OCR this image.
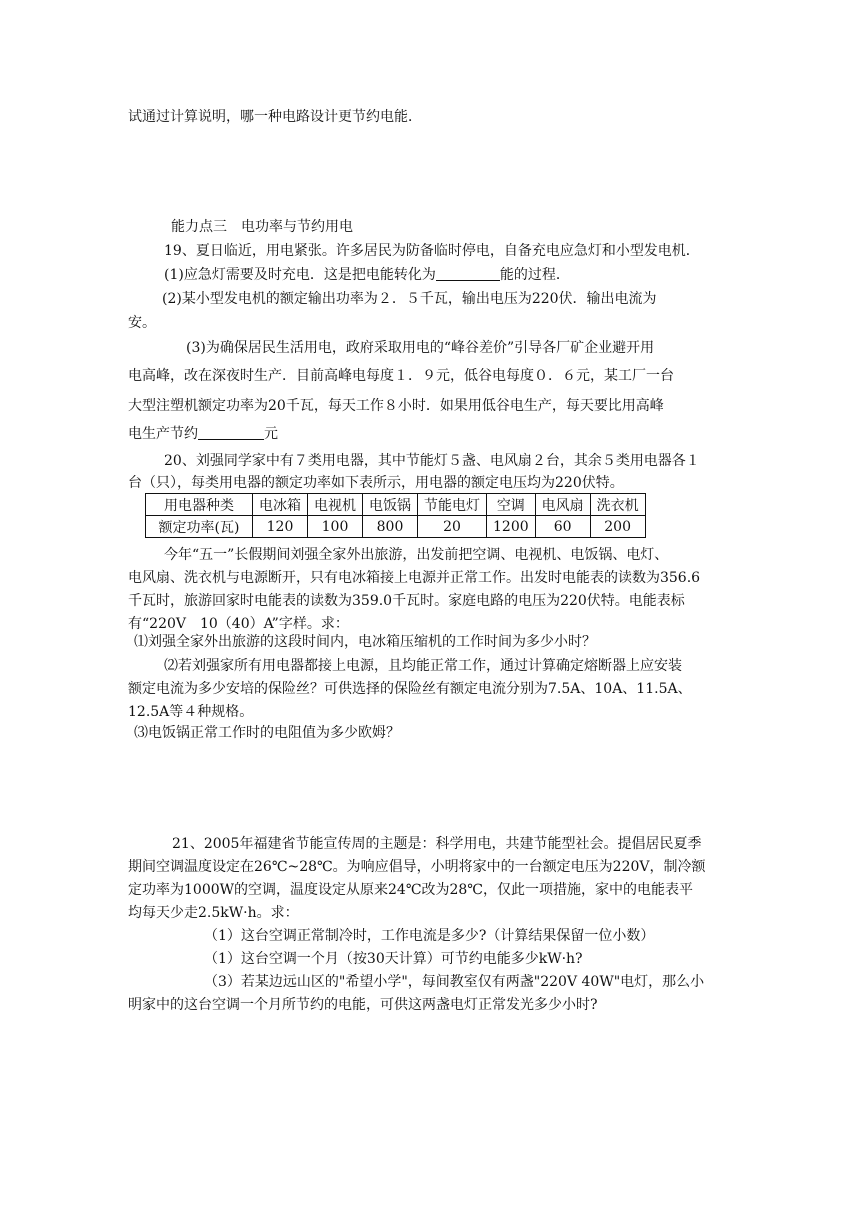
试通过计算说明，哪一种电路设计更节约电能．
能力点三　电功率与节约用电
19、夏日临近，用电紧张。许多居民为防备临时停电，自备充电应急灯和小型发电机．
(1)应急灯需要及时充电．这是把电能转化为	能的过程．
(2)某小型发电机的额定输出功率为２．５千瓦，输出电压为220伏．输出电流为
安。
(3)为确保居民生活用电，政府采取用电的“峰谷差价”引导各厂矿企业避开用
电高峰，改在深夜时生产．目前高峰电每度１．９元，低谷电每度０．６元，某工厂一台
大型注塑机额定功率为20千瓦，每天工作８小时．如果用低谷电生产，每天要比用高峰
电生产节约	元
20、刘强同学家中有７类用电器，其中节能灯５盏、电风扇２台，其余５类用电器各１
台（只），每类用电器的额定功率如下表所示，用电器的额定电压均为220伏特。
用电器种类	电冰箱	电视机	电饭锅	节能电灯	空调	电风扇	洗衣机
额定功率(瓦)	120	100	800	20	1200	60	200
今年“五一”长假期间刘强全家外出旅游，出发前把空调、电视机、电饭锅、电灯、
电风扇、洗衣机与电源断开，只有电冰箱接上电源并正常工作。出发时电能表的读数为356.6
千瓦时，旅游回家时电能表的读数为359.0千瓦时。家庭电路的电压为220伏特。电能表标
有“220V　10（40）A”字样。求：
⑴刘强全家外出旅游的这段时间内，电冰箱压缩机的工作时间为多少小时？
⑵若刘强家所有用电器都接上电源，且均能正常工作，通过计算确定熔断器上应安装
额定电流为多少安培的保险丝？可供选择的保险丝有额定电流分别为7.5A、10A、11.5A、
12.5A等４种规格。
⑶电饭锅正常工作时的电阻值为多少欧姆？
21、2005年福建省节能宣传周的主题是：科学用电，共建节能型社会。提倡居民夏季
期间空调温度设定在26℃~28℃。为响应倡导，小明将家中的一台额定电压为220V，制冷额
定功率为1000W的空调，温度设定从原来24℃改为28℃，仅此一项措施，家中的电能表平
均每天少走2.5kW·h。求：
（1）这台空调正常制冷时，工作电流是多少?（计算结果保留一位小数）
（1）这台空调一个月（按30天计算）可节约电能多少kW·h?
（3）若某边远山区的"希望小学"，每间教室仅有两盏"220V 40W"电灯，那么小
明家中的这台空调一个月所节约的电能，可供这两盏电灯正常发光多少小时?
